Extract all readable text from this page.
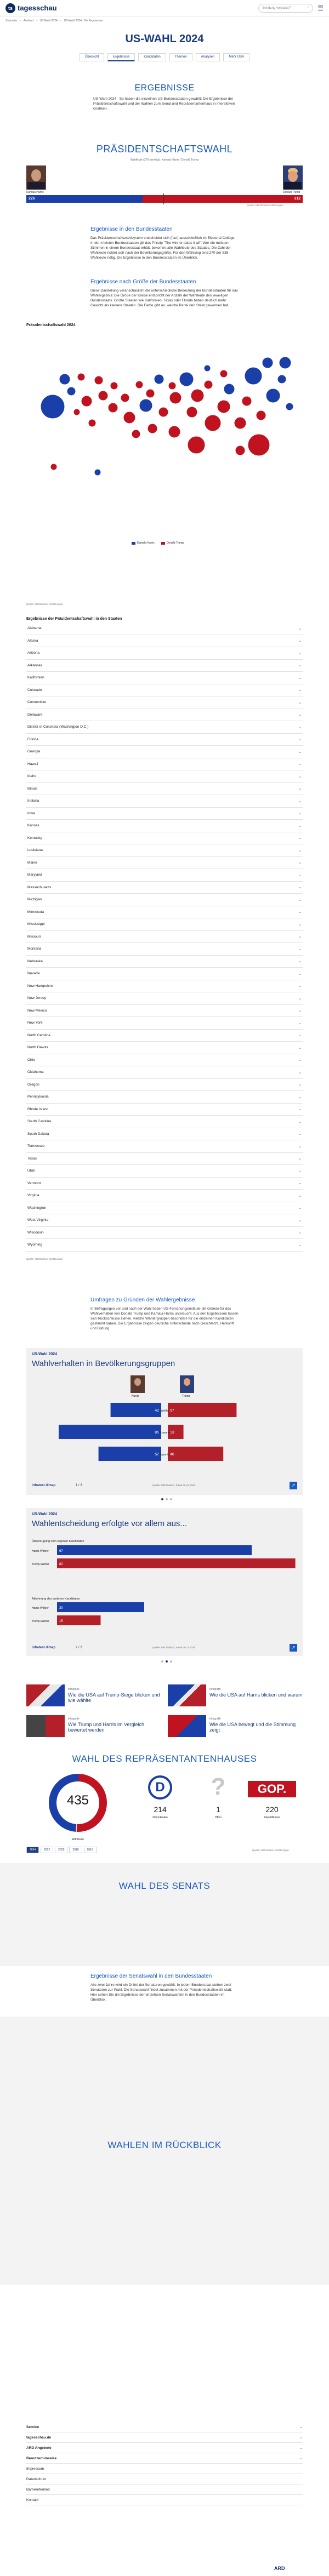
ts tagesschau	Sendung verpasst?	⌕ ☰
Startseite › Ausland › US-Wahl 2024 › US-Wahl 2024 - Die Ergebnisse
US-WAHL 2024
Übersicht	Ergebnisse	Kandidaten	Themen	Analysen	Mehr USA
ERGEBNISSE
US-Wahl 2024 - So haben die einzelnen US-Bundesstaaten gewählt: Die Ergebnisse der Präsidentschaftswahl und der Wahlen zum Senat und Repräsentantenhaus in interaktiven Grafiken.
PRÄSIDENTSCHAFTSWAHL
Wahlleute (270 benötigt): Kamala Harris / Donald Trump
Kamala Harris	Donald Trump
226	312
Quelle: NBC/Edison schätzungen
Ergebnisse in den Bundesstaaten
Das Präsidentschaftswahlsystem entscheidet sich (fast) ausschließlich im Electoral College. In den meisten Bundesstaaten gilt das Prinzip "The winner takes it all": Wer die meisten Stimmen in einem Bundesstaat erhält, bekommt alle Wahlleute des Staates. Die Zahl der Wahlleute richtet sich nach der Bevölkerungsgröße. Für den Wahlsieg sind 270 der 538 Wahlleute nötig. Die Ergebnisse in den Bundesstaaten im Überblick.
Ergebnisse nach Größe der Bundesstaaten
Diese Darstellung veranschaulicht die unterschiedliche Bedeutung der Bundesstaaten für das Wahlergebnis: Die Größe der Kreise entspricht der Anzahl der Wahlleute des jeweiligen Bundesstaats. Große Staaten wie Kalifornien, Texas oder Florida haben deutlich mehr Gewicht als kleinere Staaten. Die Farbe gibt an, welche Partei den Staat gewonnen hat.
Präsidentschaftswahl 2024
Kamala Harris	Donald Trump
Quelle: NBC/Edison schätzungen
Ergebnisse der Präsidentschaftswahl in den Staaten
Alabama	⌄
Alaska	⌄
Arizona	⌄
Arkansas	⌄
Kalifornien	⌄
Colorado	⌄
Connecticut	⌄
Delaware	⌄
District of Columbia (Washington D.C.)	⌄
Florida	⌄
Georgia	⌄
Hawaii	⌄
Idaho	⌄
Illinois	⌄
Indiana	⌄
Iowa	⌄
Kansas	⌄
Kentucky	⌄
Louisiana	⌄
Maine	⌄
Maryland	⌄
Massachusetts	⌄
Michigan	⌄
Minnesota	⌄
Mississippi	⌄
Missouri	⌄
Montana	⌄
Nebraska	⌄
Nevada	⌄
New Hampshire	⌄
New Jersey	⌄
New Mexico	⌄
New York	⌄
North Carolina	⌄
North Dakota	⌄
Ohio	⌄
Oklahoma	⌄
Oregon	⌄
Pennsylvania	⌄
Rhode Island	⌄
South Carolina	⌄
South Dakota	⌄
Tennessee	⌄
Texas	⌄
Utah	⌄
Vermont	⌄
Virginia	⌄
Washington	⌄
West Virginia	⌄
Wisconsin	⌄
Wyoming	⌄
Quelle: NBC/Edison schätzungen
Umfragen zu Gründen der Wahlergebnisse
In Befragungen vor und nach der Wahl haben US-Forschungsinstitute die Gründe für das Wahlverhalten von Donald Trump und Kamala Harris untersucht. Aus den Ergebnissen lassen sich Rückschlüsse ziehen, welche Wählergruppen besonders für die einzelnen Kandidaten gestimmt haben. Die Ergebnisse zeigen deutliche Unterschiede nach Geschlecht, Herkunft und Bildung.
US-Wahl 2024
Wahlverhalten in Bevölkerungsgruppen
Harris	Trump
42	57
Weiße
85	13
Schwarze
52	46
Hispanics
infratest dimap	1 / 3	Quelle: NBC/Edison, Stand 06.11.2024	↗
US-Wahl 2024
Wahlentscheidung erfolgte vor allem aus...
Überzeugung vom eigenen Kandidaten
Ablehnung des anderen Kandidaten
Harris-Wähler	67
Trump-Wähler	82
Harris-Wähler	30
Trump-Wähler	15
infratest dimap	2 / 3	Quelle: NBC/Edison, Stand 06.11.2024	↗
Infografik
Wie die USA auf Trump-Siege blicken und wie wählte
Infografik
Wie die USA auf Harris blicken und warum
Infografik
Wie Trump und Harris im Vergleich bewertet werden
Infografik
Wie die USA bewegt und die Stimmung zeigt
WAHL DES REPRÄSENTANTENHAUSES
435
Wahlleute
D
214
Demokraten
?
1
Offen
GOP.
220
Republikaner
2024	2022	2020	2018	2016	Quelle: NBC/Edison schätzungen
WAHL DES SENATS
Ergebnisse der Senatswahl in den Bundesstaaten
Alle zwei Jahre wird ein Drittel der Senatoren gewählt. In jedem Bundesstaat stehen zwei Senatoren zur Wahl. Die Senatswahl findet zusammen mit der Präsidentschaftswahl statt. Hier sehen Sie die Ergebnisse der einzelnen Senatswahlen in den Bundesstaaten im Überblick.
WAHLEN IM RÜCKBLICK
Service	⌄
tagesschau.de	⌄
ARD Angebote	⌄
Benutzerhinweise	⌄
Impressum
Datenschutz
Barrierefreiheit
Kontakt
ARD
